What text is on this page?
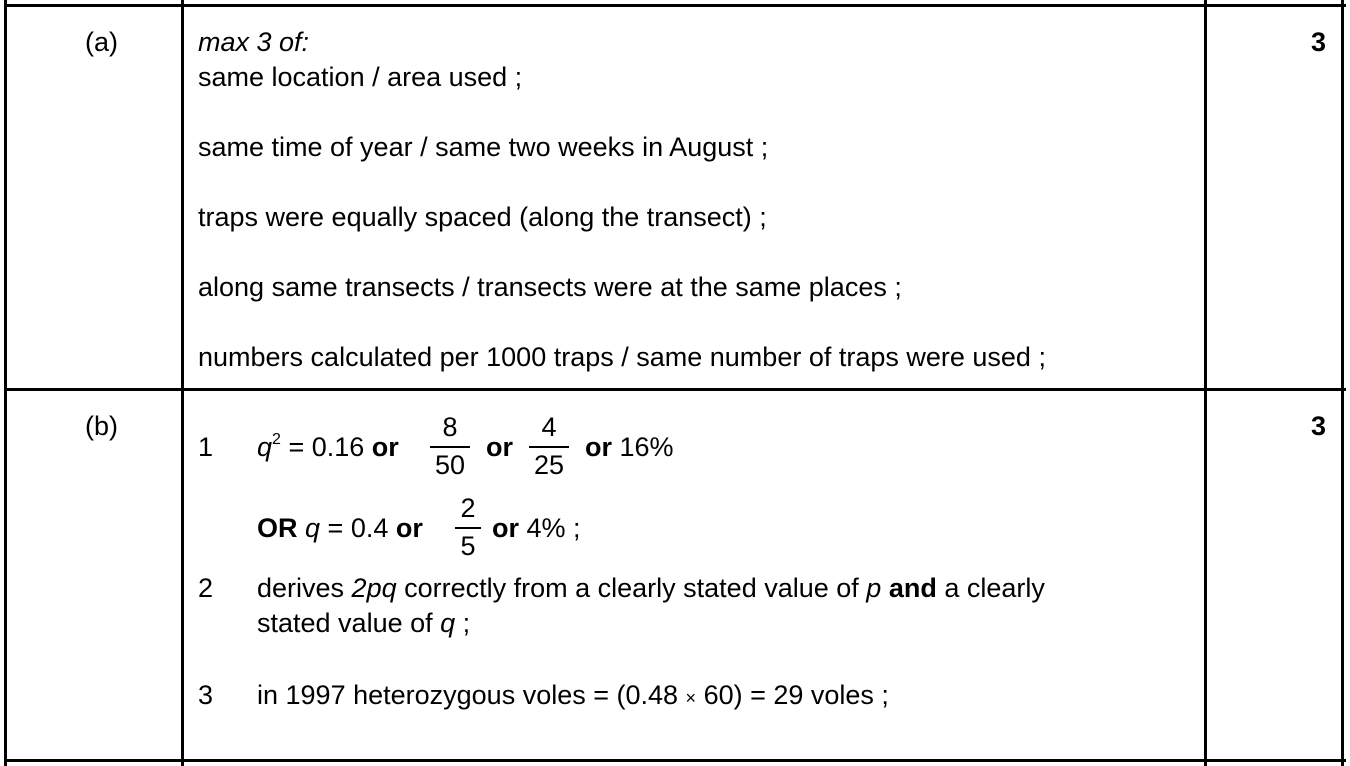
(a)	3
max 3 of:
same location / area used ;
same time of year / same two weeks in August ;
traps were equally spaced (along the transect) ;
along same transects / transects were at the same places ;
numbers calculated per 1000 traps / same number of traps were used ;
(b)	3
1 $q^2 = 0.16$ or
8
50
or
4
25
or 16%
OR q = 0.4 or
2
5
or 4% ;
2 derives 2pq correctly from a clearly stated value of p and a clearly
stated value of q ;
3 in 1997 heterozygous voles = (0.48 × 60) = 29 voles ;
